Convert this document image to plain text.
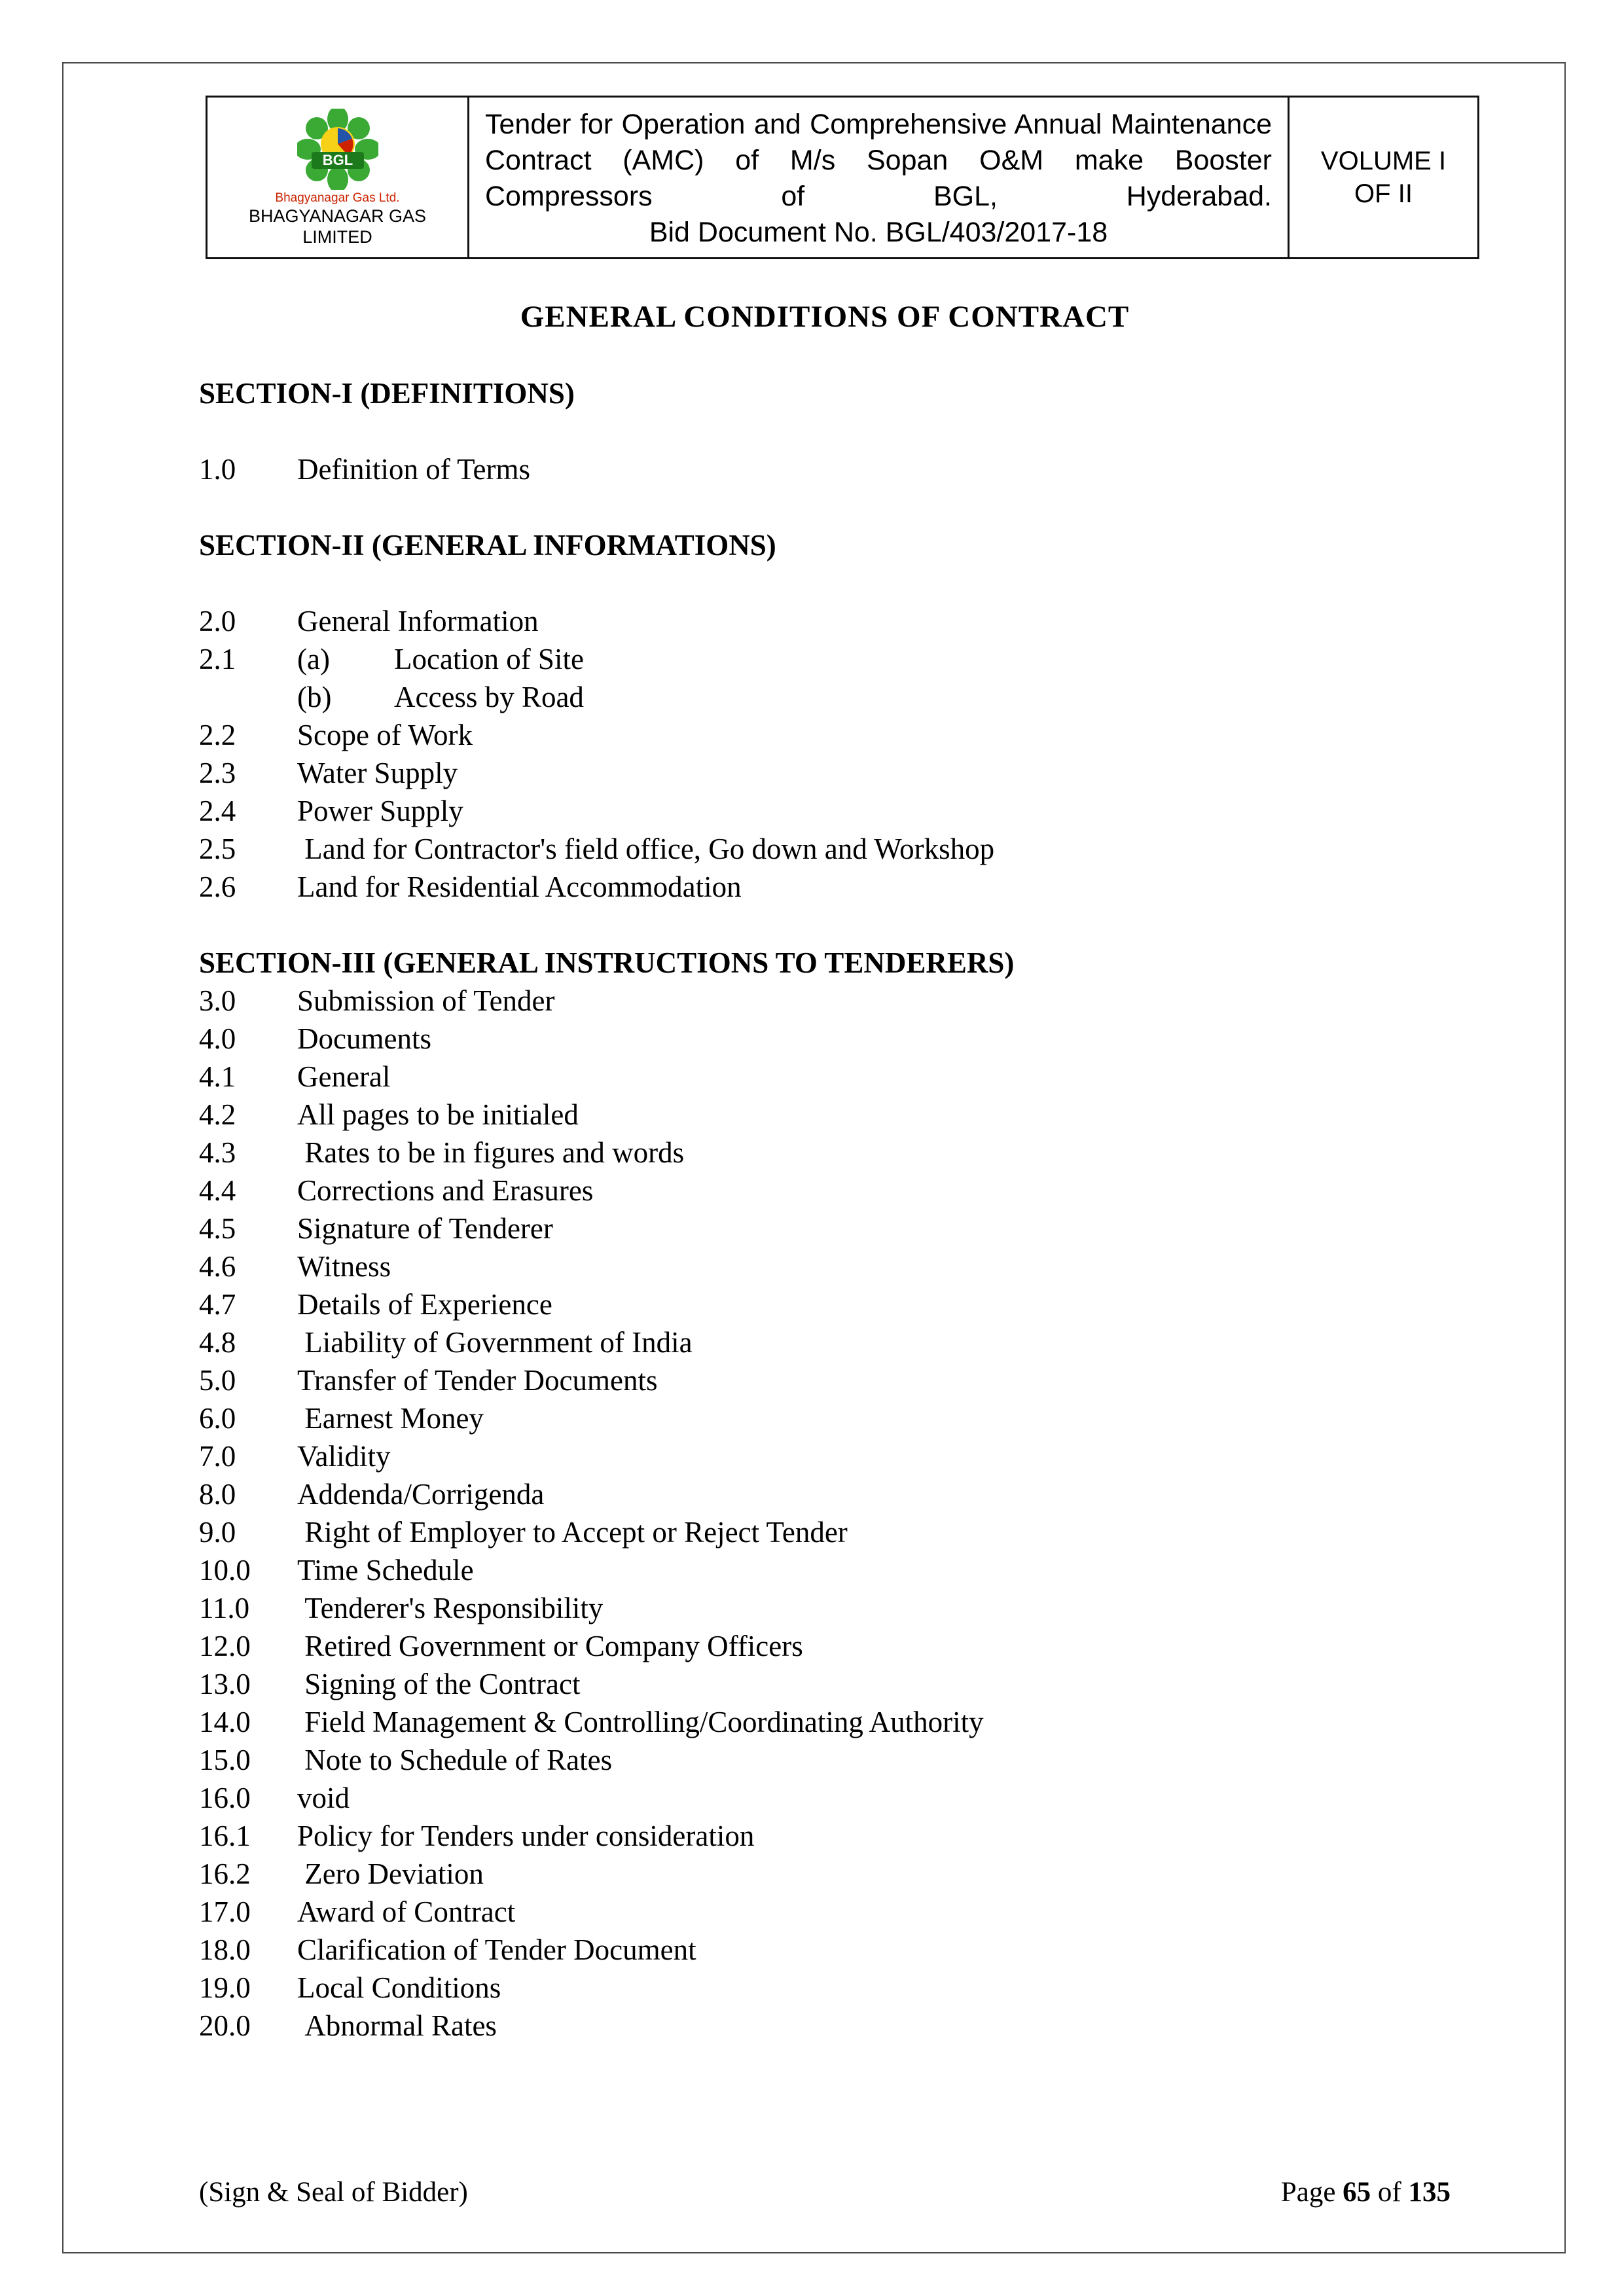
BGL
Bhagyanagar Gas Ltd.
BHAGYANAGAR GAS
LIMITED
Tender for Operation and Comprehensive Annual Maintenance Contract (AMC) of M/s Sopan O&M make Booster Compressors of BGL, Hyderabad.
Bid Document No. BGL/403/2017-18
VOLUME I
OF II
GENERAL CONDITIONS OF CONTRACT
SECTION-I (DEFINITIONS)
1.0	Definition of Terms
SECTION-II (GENERAL INFORMATIONS)
2.0	General Information
2.1	(a)	Location of Site
(b)	Access by Road
2.2	Scope of Work
2.3	Water Supply
2.4	Power Supply
2.5	Land for Contractor's field office, Go down and Workshop
2.6	Land for Residential Accommodation
SECTION-III (GENERAL INSTRUCTIONS TO TENDERERS)
3.0	Submission of Tender
4.0	Documents
4.1	General
4.2	All pages to be initialed
4.3	Rates to be in figures and words
4.4	Corrections and Erasures
4.5	Signature of Tenderer
4.6	Witness
4.7	Details of Experience
4.8	Liability of Government of India
5.0	Transfer of Tender Documents
6.0	Earnest Money
7.0	Validity
8.0	Addenda/Corrigenda
9.0	Right of Employer to Accept or Reject Tender
10.0	Time Schedule
11.0	Tenderer's Responsibility
12.0	Retired Government or Company Officers
13.0	Signing of the Contract
14.0	Field Management & Controlling/Coordinating Authority
15.0	Note to Schedule of Rates
16.0	void
16.1	Policy for Tenders under consideration
16.2	Zero Deviation
17.0	Award of Contract
18.0	Clarification of Tender Document
19.0	Local Conditions
20.0	Abnormal Rates
(Sign & Seal of Bidder)	Page 65 of 135
